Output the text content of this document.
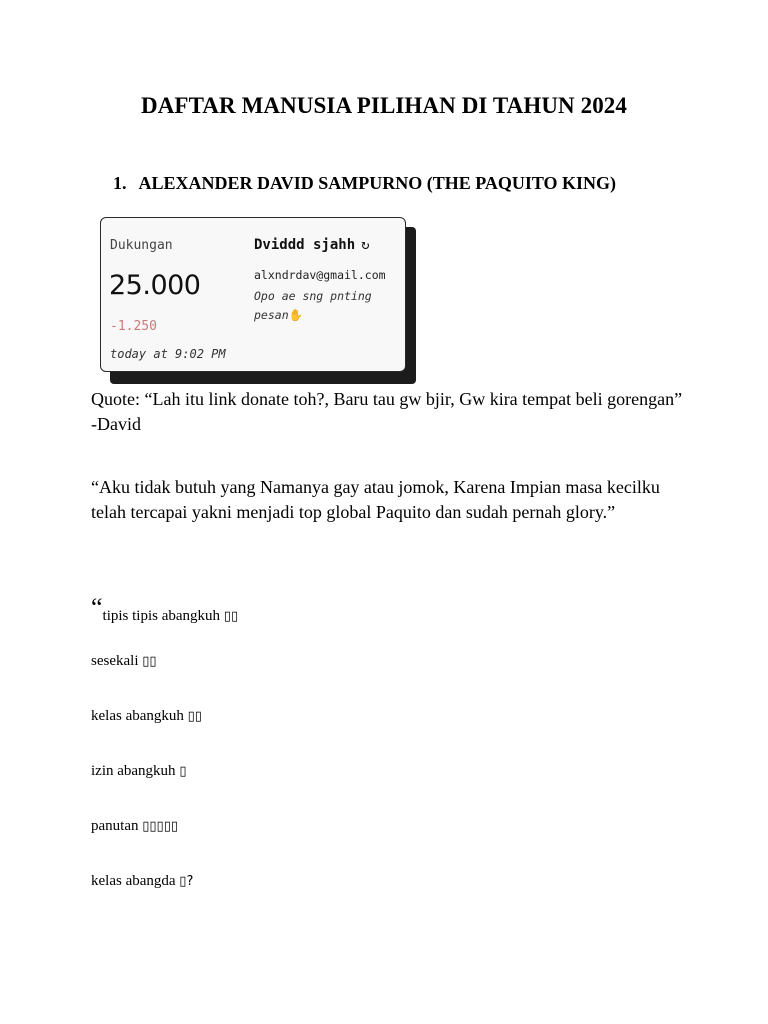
DAFTAR MANUSIA PILIHAN DI TAHUN 2024
1. ALEXANDER DAVID SAMPURNO (THE PAQUITO KING)
Dukungan
25.000
-1.250
today at 9:02 PM
Dviddd sjahh ↻
alxndrdav@gmail.com
Opo ae sng pnting pesan✋
Quote: “Lah itu link donate toh?, Baru tau gw bjir, Gw kira tempat beli gorengan” -David
“Aku tidak butuh yang Namanya gay atau jomok, Karena Impian masa kecilku telah tercapai yakni menjadi top global Paquito dan sudah pernah glory.”
“tipis tipis abangkuh ▯▯
sesekali ▯▯
kelas abangkuh ▯▯
izin abangkuh ▯
panutan ▯▯▯▯▯
kelas abangda ▯?
